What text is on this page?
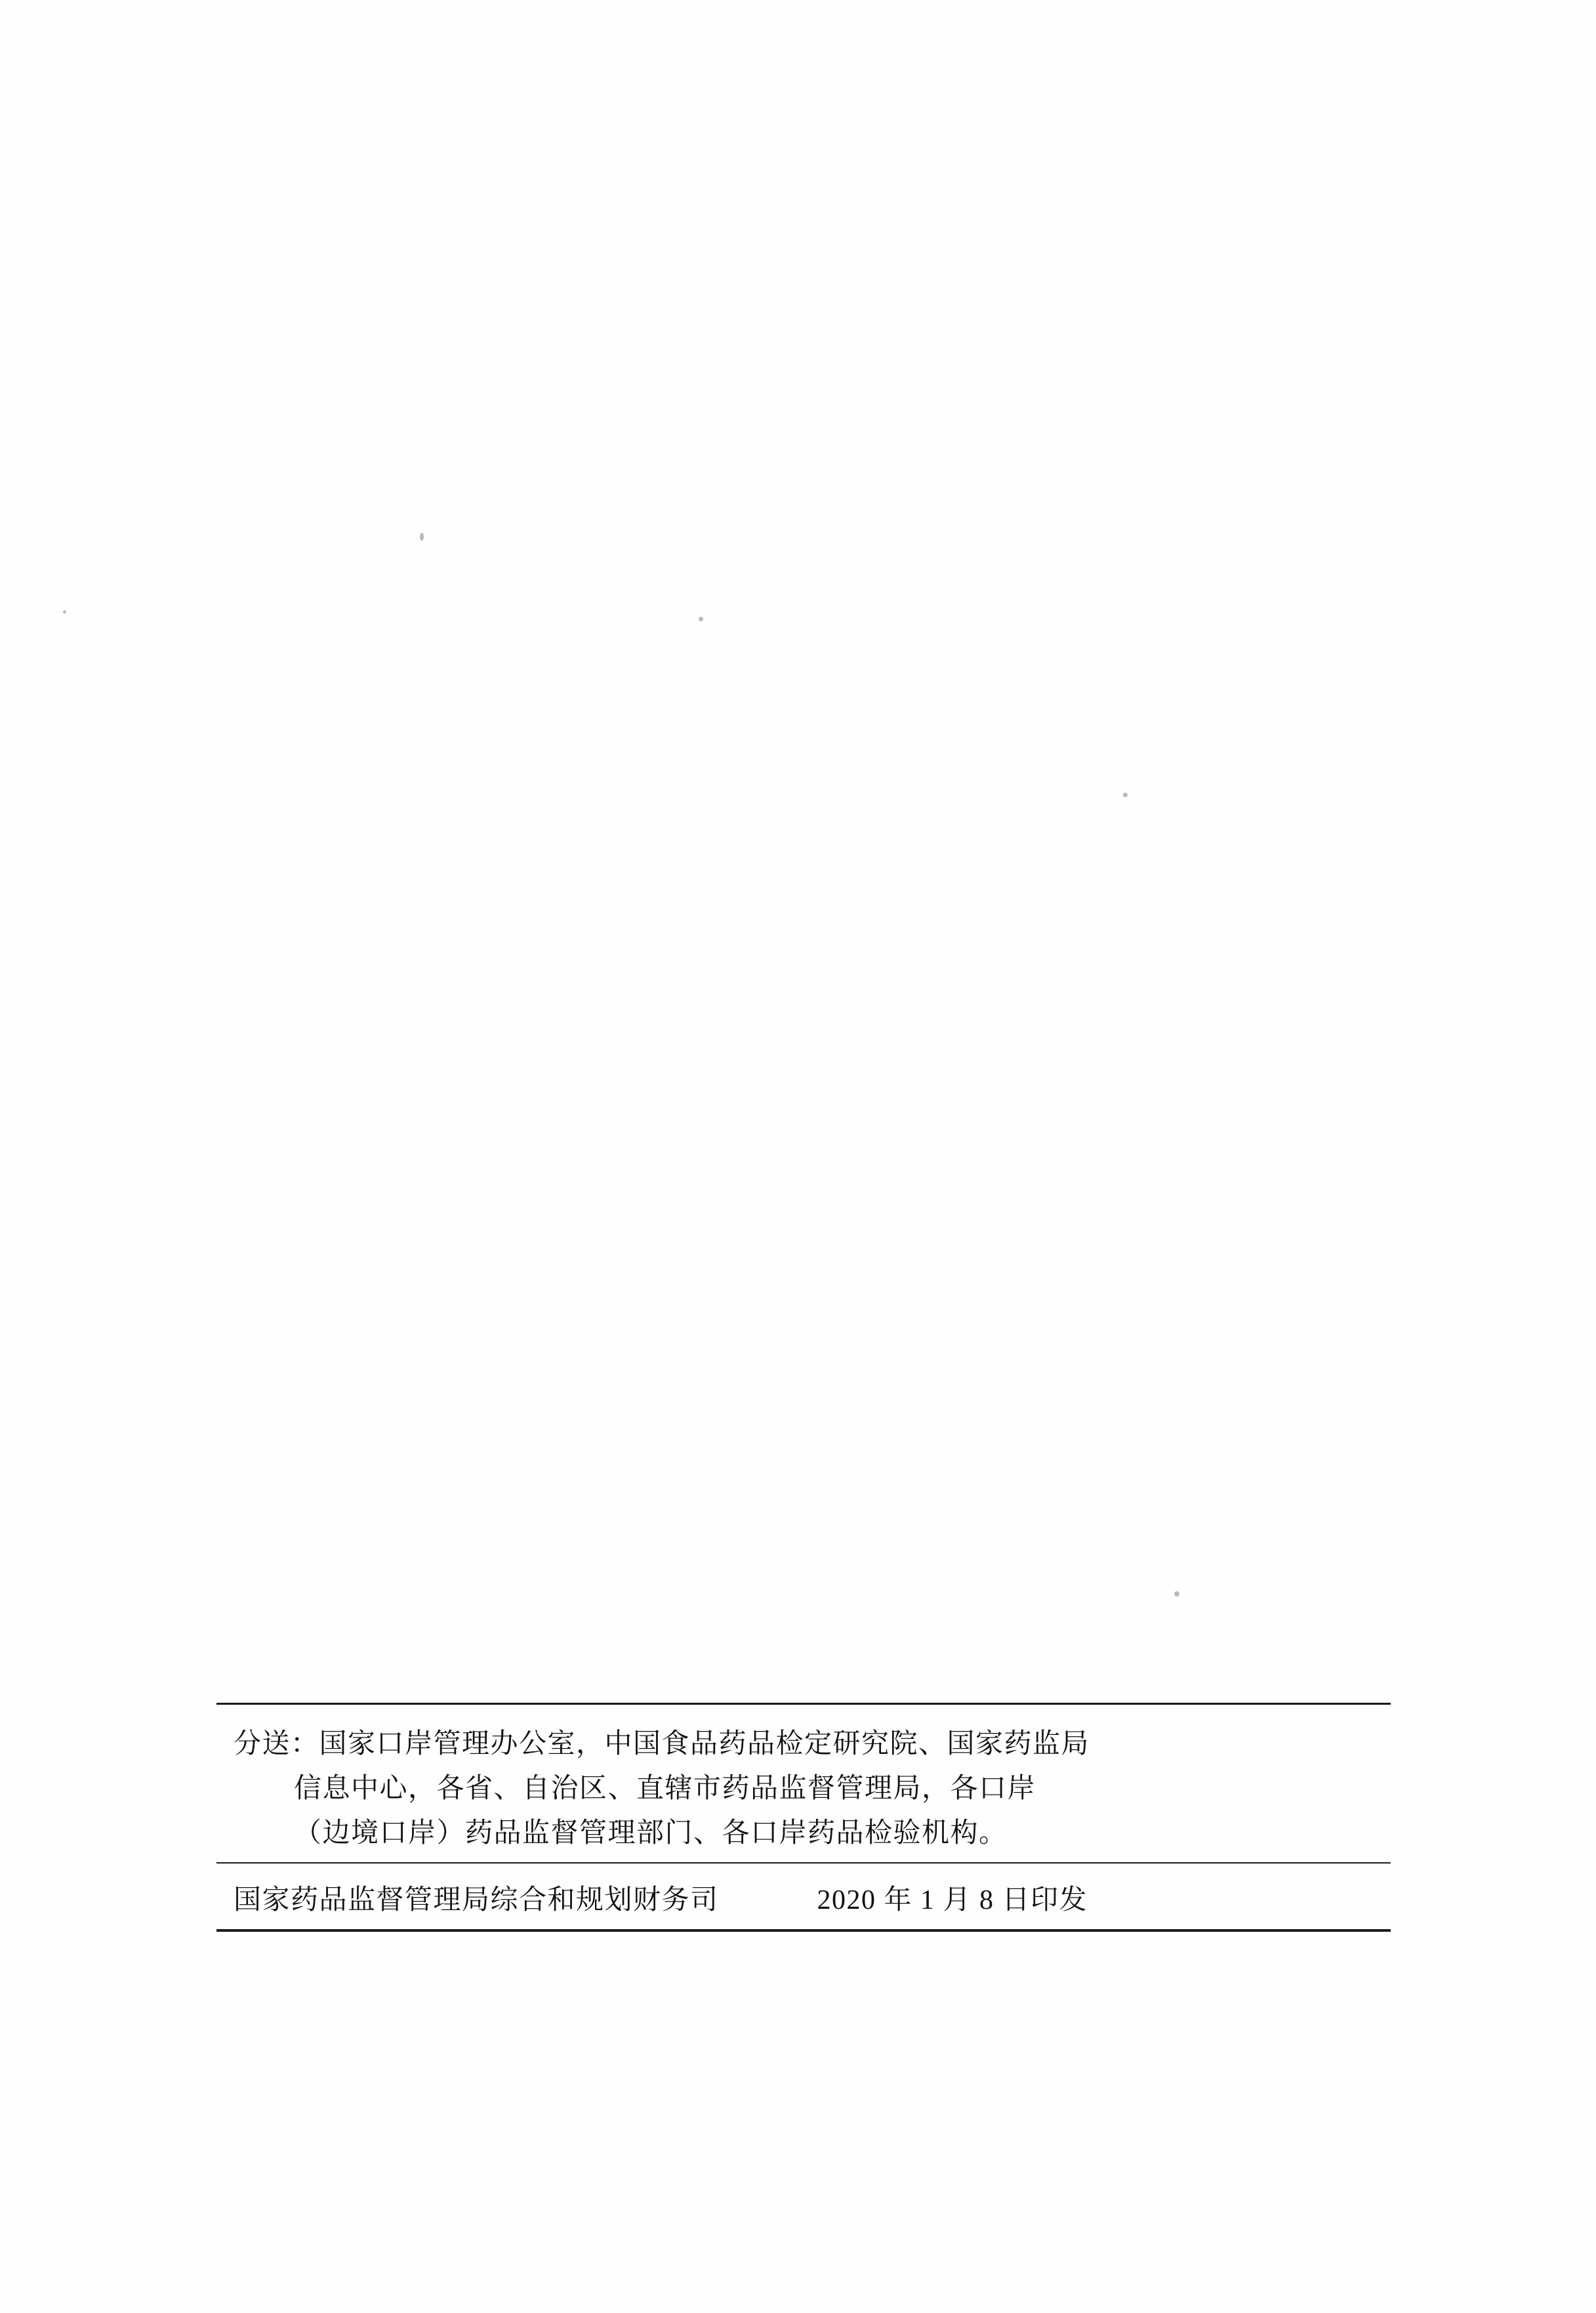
分送：国家口岸管理办公室，中国食品药品检定研究院、国家药监局
信息中心，各省、自治区、直辖市药品监督管理局，各口岸
（边境口岸）药品监督管理部门、各口岸药品检验机构。
国家药品监督管理局综合和规划财务司	2020 年 1 月 8 日印发
